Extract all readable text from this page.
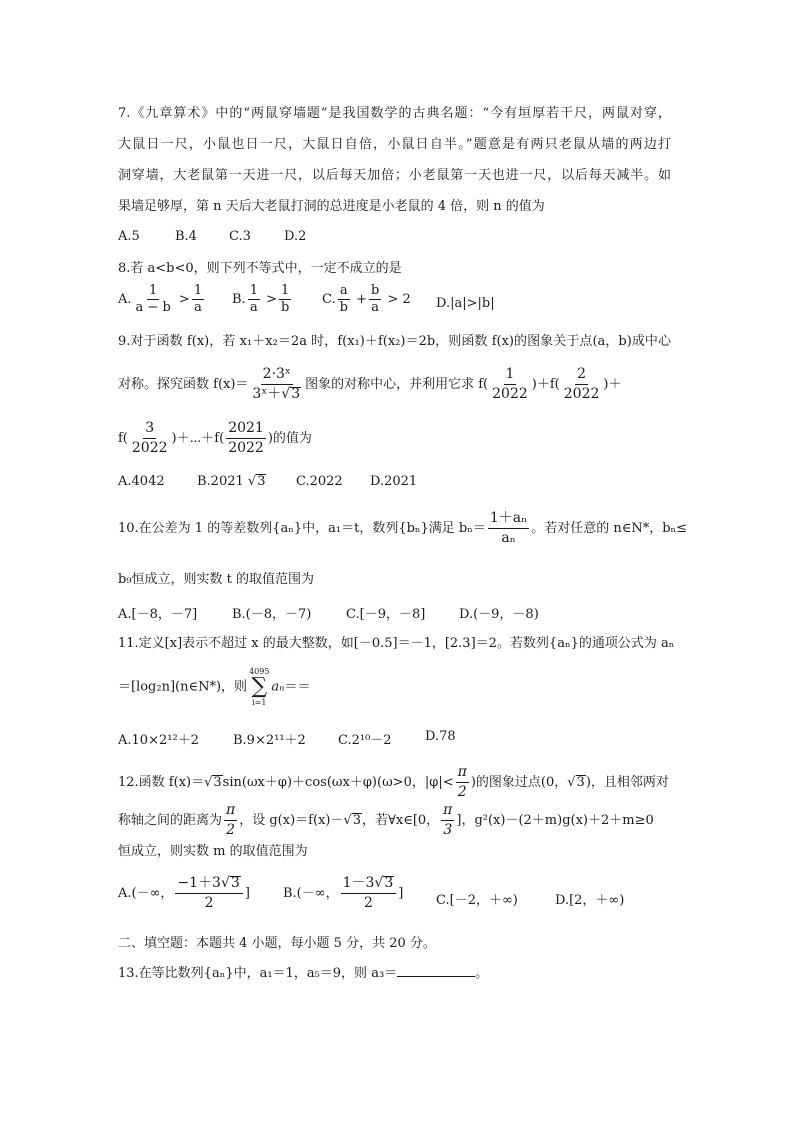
7.《九章算术》中的“两鼠穿墙题”是我国数学的古典名题：“今有垣厚若干尺，两鼠对穿，
大鼠日一尺，小鼠也日一尺，大鼠日自倍，小鼠日自半。”题意是有两只老鼠从墙的两边打
洞穿墙，大老鼠第一天进一尺，以后每天加倍；小老鼠第一天也进一尺，以后每天减半。如
果墙足够厚，第 n 天后大老鼠打洞的总进度是小老鼠的 4 倍，则 n 的值为
A.5	B.4 C.3	D.2
8.若 a<b<0，则下列不等式中，一定不成立的是
A. $\frac{1}{a - b} > \frac{1}{a} B$. $\frac{1}{a} > \frac{1}{b} C$. $\frac{a}{b} + \frac{b}{a} > 2$ D.|a|>|b|
9.对于函数 f(x)，若 x₁＋x₂＝2a 时，f(x₁)＋f(x₂)＝2b，则函数 f(x)的图象关于点(a，b)成中心
对称。探究函数 $f(x)= \frac{\text{2·3ˣ}}{\text{3ˣ＋√3}}$ 图象的对称中心，并利用它求 $f( \frac{1}{2022} )+f( \frac{2}{2022}$ )＋
$f( \frac{3}{2022}$ )＋⋯＋f( $\frac{2021}{2022}$ )的值为
A.4042 B.2021 √3 C.2022 D.2021
10.在公差为 1 的等差数列{aₙ}中，a₁＝t，数列{bₙ}满足 $b_n= \frac{\text{1＋aₙ}}{\text{aₙ}}$ 。若对任意的 n∈N*，bₙ≤
b₉恒成立，则实数 t 的取值范围为
A.[－8，－7]	B.(－8，－7)	C.[－9，－8]	D.(－9，－8)
11.定义[x]表示不超过 x 的最大整数，如[－0.5]＝－1，[2.3]＝2。若数列{aₙ}的通项公式为 aₙ
＝[log₂n](n∈N*)，则
4095
∑
i=1
aₙ＝＝
A.10×2¹²＋2	B.9×2¹¹＋2 C.2¹⁰－2	D.78
12.函数 f(x)＝√3sin(ωx＋φ)＋cos(ωx＋φ)(ω>0，$|\varphi|< \frac{\pi}{2}$ )的图象过点(0，√3)，且相邻两对
称轴之间的距离为 $\frac{\pi}{2}$ ，设 g(x)＝f(x)－√3，若∀x∈[0， $\frac{\pi}{3}$ ]，g²(x)－(2＋m)g(x)＋2＋m≥0
恒成立，则实数 m 的取值范围为
A.(－∞， $\frac{-1+3√3}{2}$ ]	B.(－∞， $\frac{1-3√3}{2}$ ]	C.[－2，＋∞)	D.[2，＋∞)
二、填空题：本题共 4 小题，每小题 5 分，共 20 分。
13.在等比数列{aₙ}中，a₁＝1，a₅＝9，则 a₃＝	。
